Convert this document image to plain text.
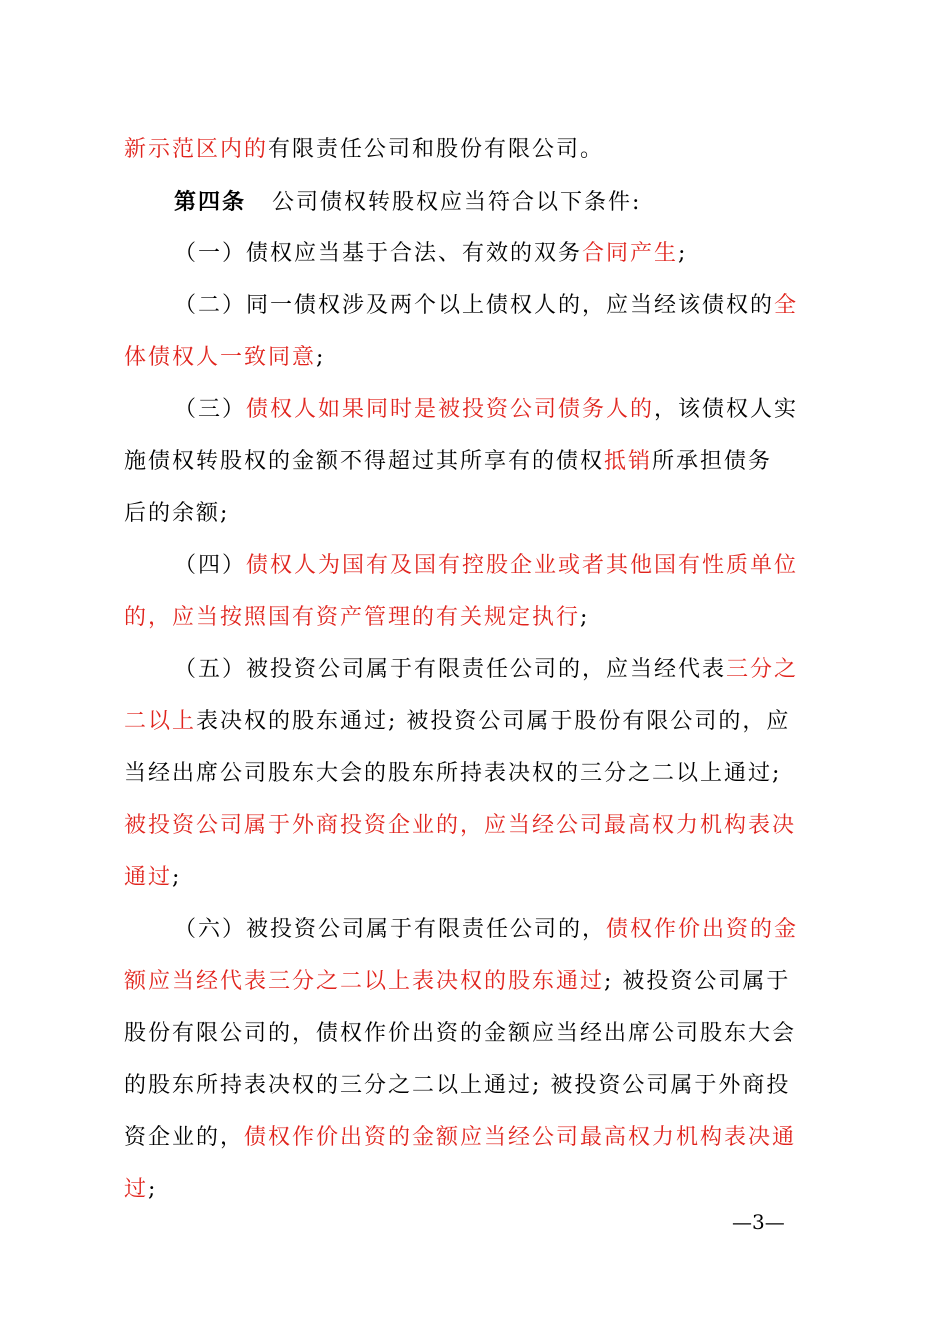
新示范区内的有限责任公司和股份有限公司。
第四条 公司债权转股权应当符合以下条件:
（一）债权应当基于合法、有效的双务合同产生;
（二）同一债权涉及两个以上债权人的，应当经该债权的全
体债权人一致同意;
（三）债权人如果同时是被投资公司债务人的，该债权人实
施债权转股权的金额不得超过其所享有的债权抵销所承担债务
后的余额;
（四）债权人为国有及国有控股企业或者其他国有性质单位
的，应当按照国有资产管理的有关规定执行;
（五）被投资公司属于有限责任公司的，应当经代表三分之
二以上表决权的股东通过; 被投资公司属于股份有限公司的，应
当经出席公司股东大会的股东所持表决权的三分之二以上通过;
被投资公司属于外商投资企业的，应当经公司最高权力机构表决
通过;
（六）被投资公司属于有限责任公司的，债权作价出资的金
额应当经代表三分之二以上表决权的股东通过; 被投资公司属于
股份有限公司的，债权作价出资的金额应当经出席公司股东大会
的股东所持表决权的三分之二以上通过; 被投资公司属于外商投
资企业的，债权作价出资的金额应当经公司最高权力机构表决通
过;
—3—
